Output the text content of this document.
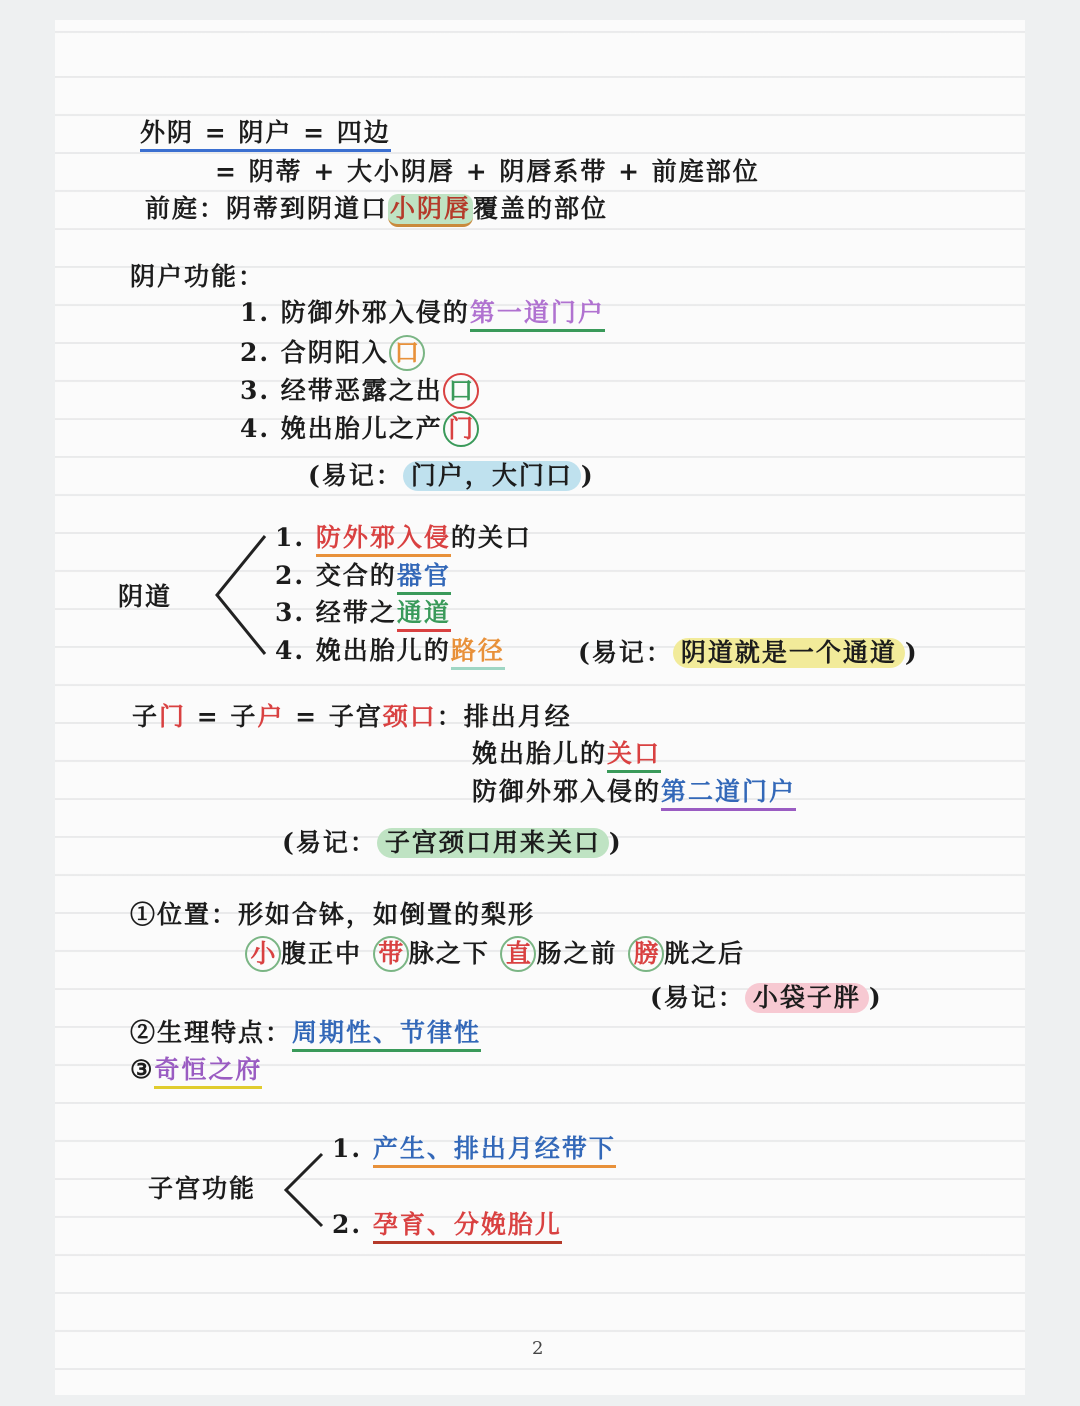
外阴 = 阴户 = 四边
= 阴蒂 + 大小阴唇 + 阴唇系带 + 前庭部位
前庭：阴蒂到阴道口小阴唇覆盖的部位
阴户功能：
1. 防御外邪入侵的第一道门户
2. 合阴阳入 口
3. 经带恶露之出 口
4. 娩出胎儿之产 门
(易记： 门户，大门口 )
阴道
1. 防外邪入侵的关口
2. 交合的器官
3. 经带之通道
4. 娩出胎儿的路径	(易记： 阴道就是一个通道 )
子门 = 子户 = 子宫颈口：排出月经
娩出胎儿的关口
防御外邪入侵的第二道门户
(易记： 子宫颈口用来关口 )
①位置：形如合钵，如倒置的梨形
小 腹正中 带 脉之下 直 肠之前 膀 胱之后
(易记： 小袋子胖 )
②生理特点：周期性、节律性
③奇恒之府
子宫功能
1. 产生、排出月经带下
2. 孕育、分娩胎儿
2
